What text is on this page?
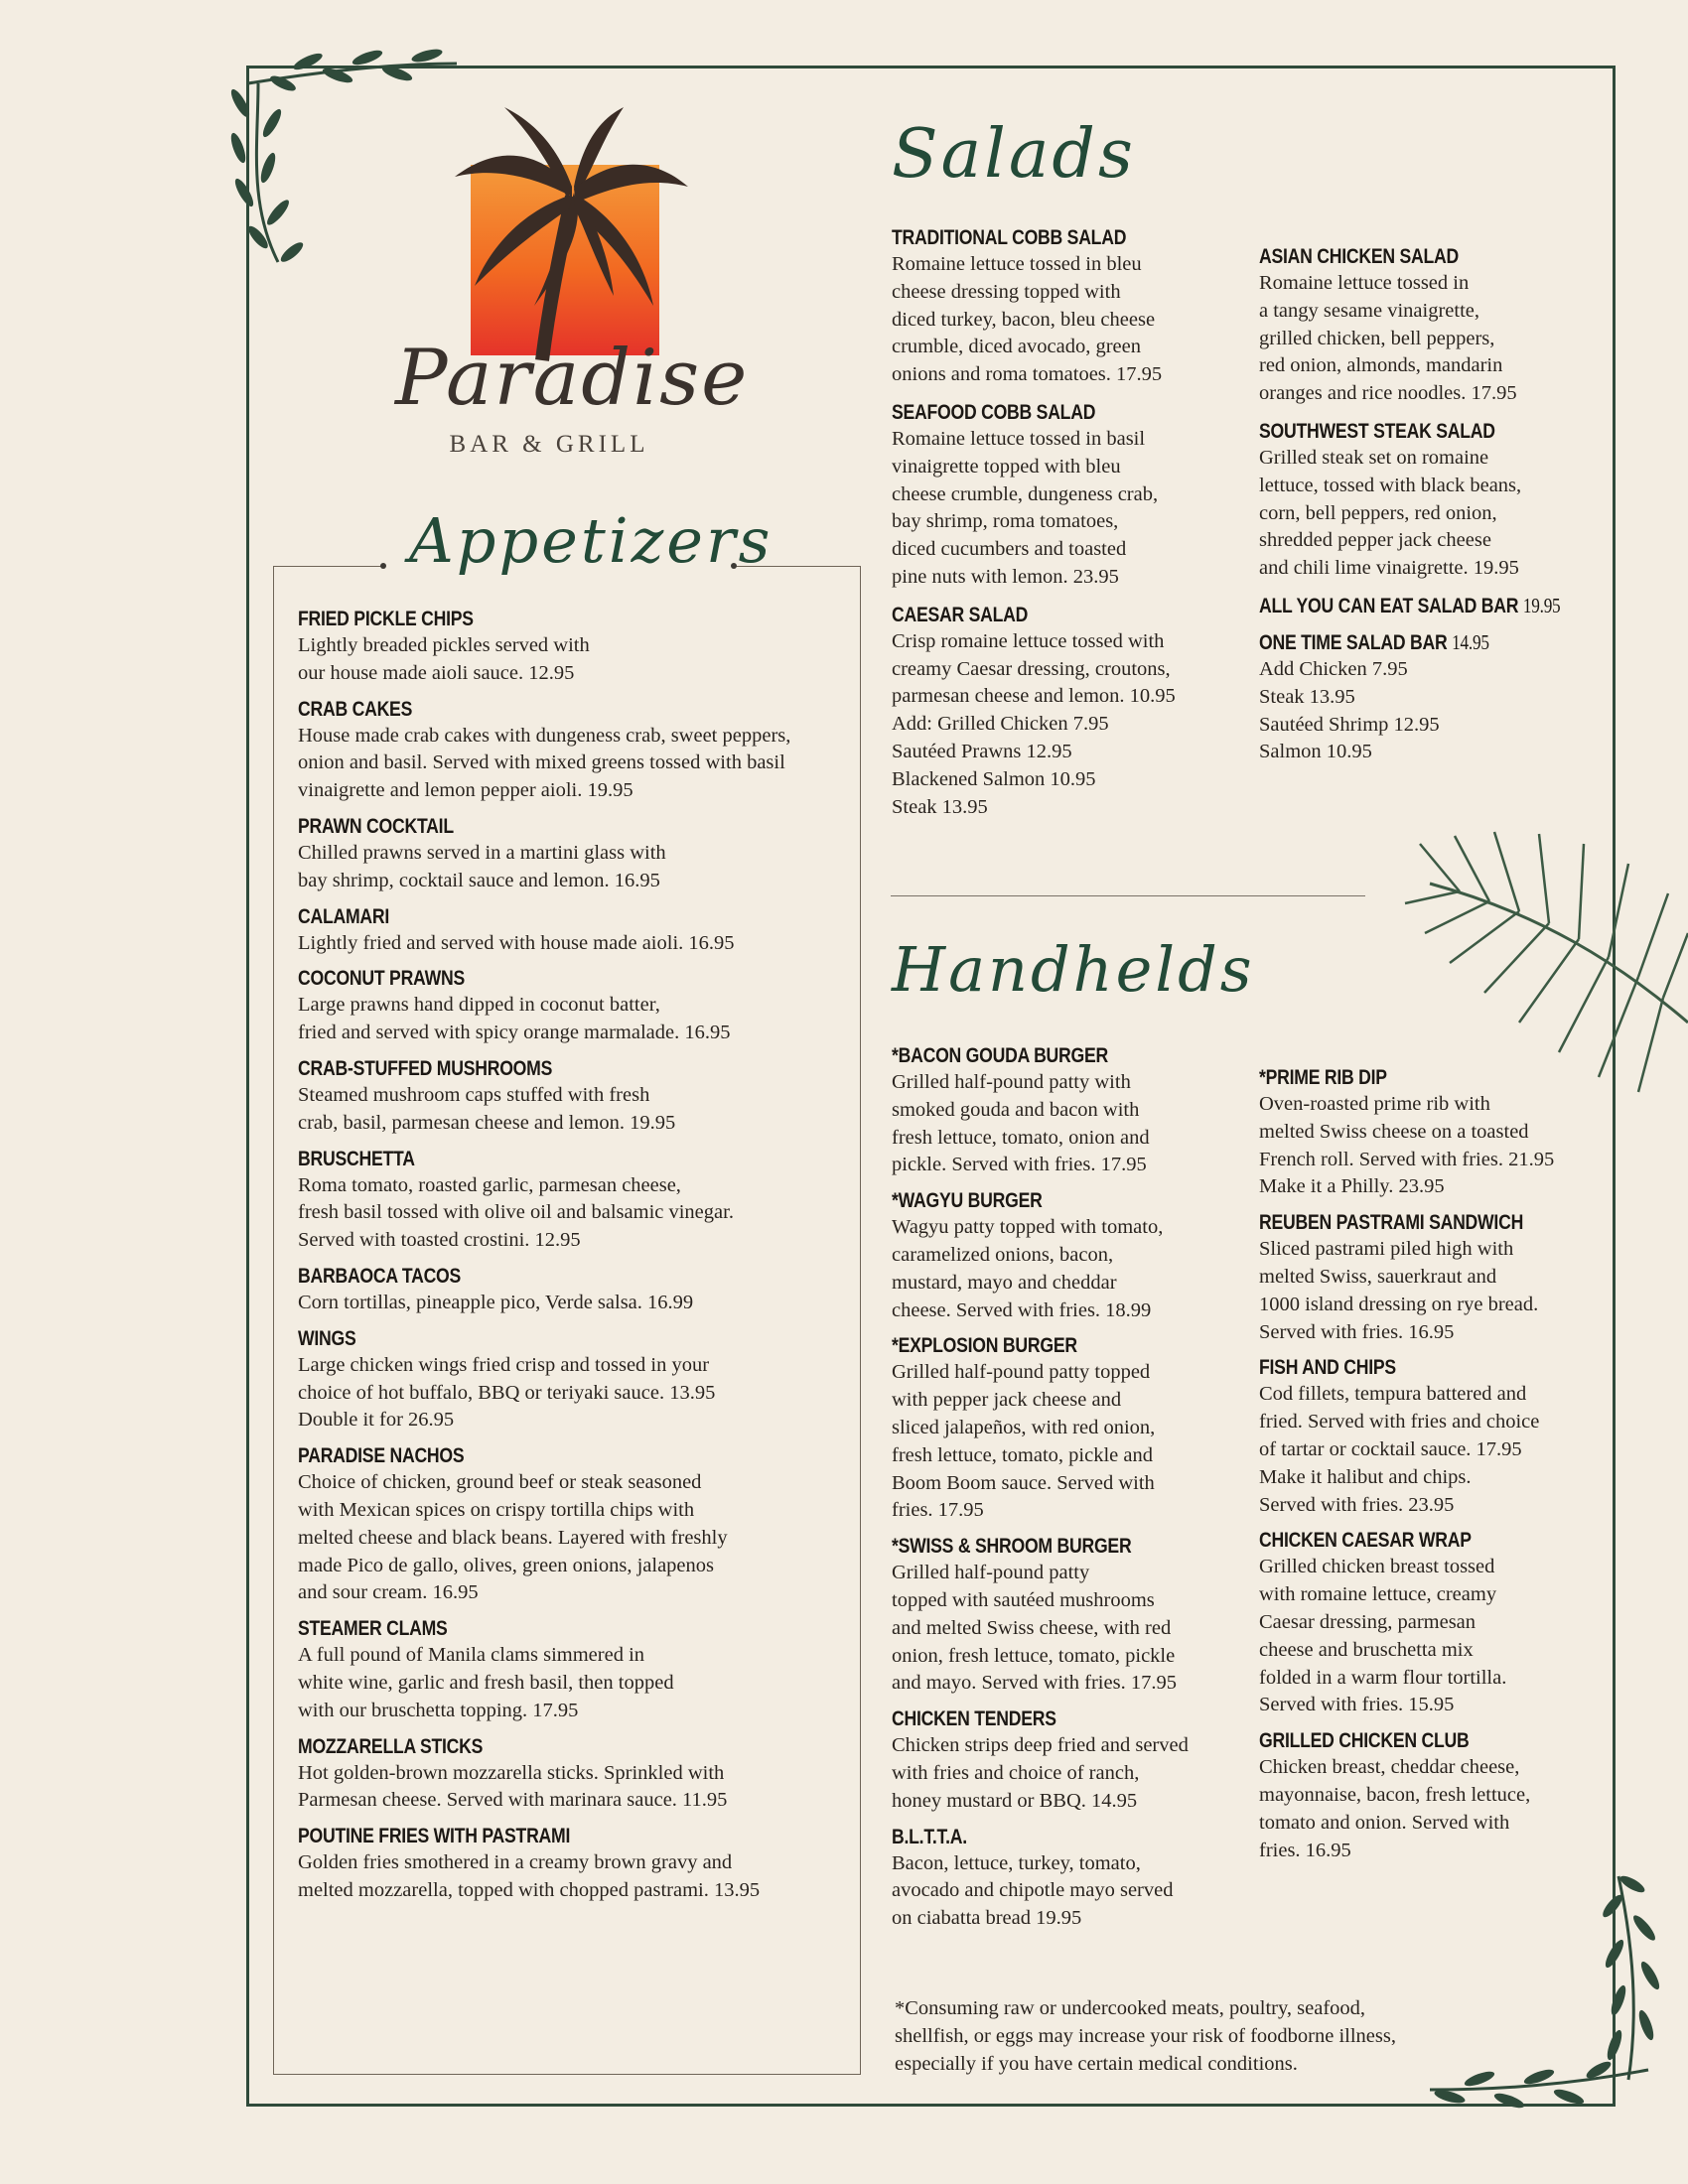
Paradise
BAR & GRILL
Appetizers
Salads
Handhelds
FRIED PICKLE CHIPS
Lightly breaded pickles served with
our house made aioli sauce. 12.95
CRAB CAKES
House made crab cakes with dungeness crab, sweet peppers,
onion and basil. Served with mixed greens tossed with basil
vinaigrette and lemon pepper aioli. 19.95
PRAWN COCKTAIL
Chilled prawns served in a martini glass with
bay shrimp, cocktail sauce and lemon. 16.95
CALAMARI
Lightly fried and served with house made aioli. 16.95
COCONUT PRAWNS
Large prawns hand dipped in coconut batter,
fried and served with spicy orange marmalade. 16.95
CRAB-STUFFED MUSHROOMS
Steamed mushroom caps stuffed with fresh
crab, basil, parmesan cheese and lemon. 19.95
BRUSCHETTA
Roma tomato, roasted garlic, parmesan cheese,
fresh basil tossed with olive oil and balsamic vinegar.
Served with toasted crostini. 12.95
BARBAOCA TACOS
Corn tortillas, pineapple pico, Verde salsa. 16.99
WINGS
Large chicken wings fried crisp and tossed in your
choice of hot buffalo, BBQ or teriyaki sauce. 13.95
Double it for 26.95
PARADISE NACHOS
Choice of chicken, ground beef or steak seasoned
with Mexican spices on crispy tortilla chips with
melted cheese and black beans. Layered with freshly
made Pico de gallo, olives, green onions, jalapenos
and sour cream. 16.95
STEAMER CLAMS
A full pound of Manila clams simmered in
white wine, garlic and fresh basil, then topped
with our bruschetta topping. 17.95
MOZZARELLA STICKS
Hot golden-brown mozzarella sticks. Sprinkled with
Parmesan cheese. Served with marinara sauce. 11.95
POUTINE FRIES WITH PASTRAMI
Golden fries smothered in a creamy brown gravy and
melted mozzarella, topped with chopped pastrami. 13.95
TRADITIONAL COBB SALAD
Romaine lettuce tossed in bleu
cheese dressing topped with
diced turkey, bacon, bleu cheese
crumble, diced avocado, green
onions and roma tomatoes. 17.95
SEAFOOD COBB SALAD
Romaine lettuce tossed in basil
vinaigrette topped with bleu
cheese crumble, dungeness crab,
bay shrimp, roma tomatoes,
diced cucumbers and toasted
pine nuts with lemon. 23.95
CAESAR SALAD
Crisp romaine lettuce tossed with
creamy Caesar dressing, croutons,
parmesan cheese and lemon. 10.95
Add: Grilled Chicken 7.95
Sautéed Prawns 12.95
Blackened Salmon 10.95
Steak 13.95
ASIAN CHICKEN SALAD
Romaine lettuce tossed in
a tangy sesame vinaigrette,
grilled chicken, bell peppers,
red onion, almonds, mandarin
oranges and rice noodles. 17.95
SOUTHWEST STEAK SALAD
Grilled steak set on romaine
lettuce, tossed with black beans,
corn, bell peppers, red onion,
shredded pepper jack cheese
and chili lime vinaigrette. 19.95
ALL YOU CAN EAT SALAD BAR 19.95
ONE TIME SALAD BAR 14.95
Add Chicken 7.95
Steak 13.95
Sautéed Shrimp 12.95
Salmon 10.95
*BACON GOUDA BURGER
Grilled half-pound patty with
smoked gouda and bacon with
fresh lettuce, tomato, onion and
pickle. Served with fries. 17.95
*WAGYU BURGER
Wagyu patty topped with tomato,
caramelized onions, bacon,
mustard, mayo and cheddar
cheese. Served with fries. 18.99
*EXPLOSION BURGER
Grilled half-pound patty topped
with pepper jack cheese and
sliced jalapeños, with red onion,
fresh lettuce, tomato, pickle and
Boom Boom sauce. Served with
fries. 17.95
*SWISS & SHROOM BURGER
Grilled half-pound patty
topped with sautéed mushrooms
and melted Swiss cheese, with red
onion, fresh lettuce, tomato, pickle
and mayo. Served with fries. 17.95
CHICKEN TENDERS
Chicken strips deep fried and served
with fries and choice of ranch,
honey mustard or BBQ. 14.95
B.L.T.T.A.
Bacon, lettuce, turkey, tomato,
avocado and chipotle mayo served
on ciabatta bread 19.95
*PRIME RIB DIP
Oven-roasted prime rib with
melted Swiss cheese on a toasted
French roll. Served with fries. 21.95
Make it a Philly. 23.95
REUBEN PASTRAMI SANDWICH
Sliced pastrami piled high with
melted Swiss, sauerkraut and
1000 island dressing on rye bread.
Served with fries. 16.95
FISH AND CHIPS
Cod fillets, tempura battered and
fried. Served with fries and choice
of tartar or cocktail sauce. 17.95
Make it halibut and chips.
Served with fries. 23.95
CHICKEN CAESAR WRAP
Grilled chicken breast tossed
with romaine lettuce, creamy
Caesar dressing, parmesan
cheese and bruschetta mix
folded in a warm flour tortilla.
Served with fries. 15.95
GRILLED CHICKEN CLUB
Chicken breast, cheddar cheese,
mayonnaise, bacon, fresh lettuce,
tomato and onion. Served with
fries. 16.95
*Consuming raw or undercooked meats, poultry, seafood,
shellfish, or eggs may increase your risk of foodborne illness,
especially if you have certain medical conditions.
